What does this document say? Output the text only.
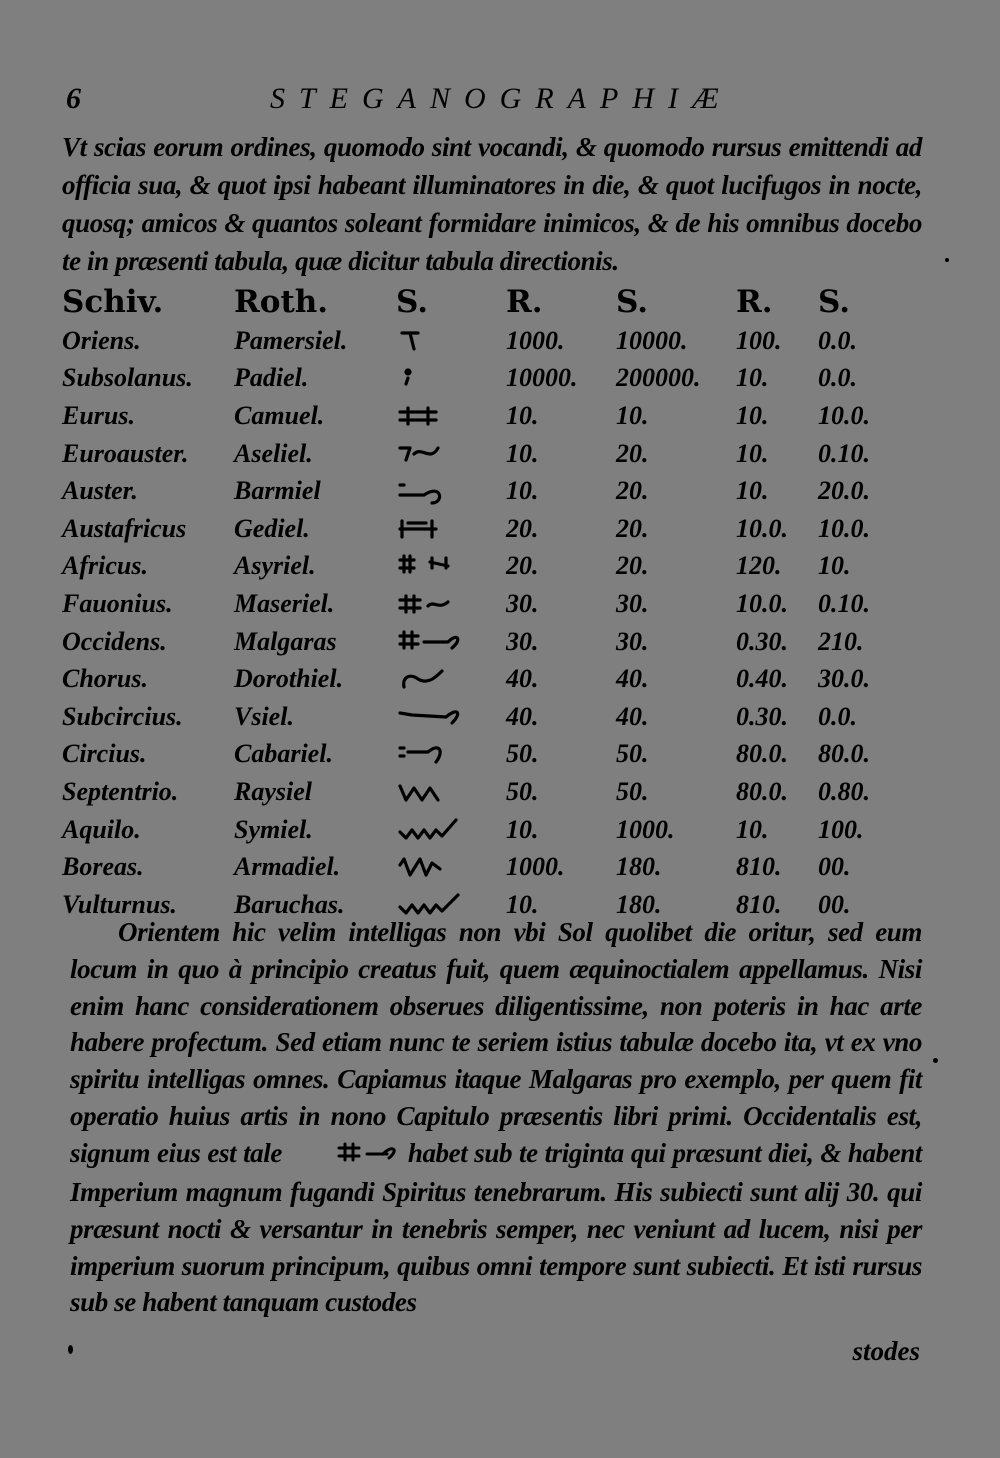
6	STEGANOGRAPHIÆ
Vt scias eorum ordines, quomodo sint vocandi, & quomodo rursus emittendi ad officia sua, & quot ipsi habeant illuminatores in die, & quot lucifugos in nocte, quosq; amicos & quantos soleant formidare inimicos, & de his omnibus docebo te in præsenti tabula, quæ dicitur tabula directionis.
Schiv.	Roth.	S.	R.	S.	R.	S.
Oriens.	Pamersiel.		1000.	10000.	100.	0.0.
Subsolanus.	Padiel.		10000.	200000.	10.	0.0.
Eurus.	Camuel.		10.	10.	10.	10.0.
Euroauster.	Aseliel.		10.	20.	10.	0.10.
Auster.	Barmiel		10.	20.	10.	20.0.
Austafricus	Gediel.		20.	20.	10.0.	10.0.
Africus.	Asyriel.		20.	20.	120.	10.
Fauonius.	Maseriel.		30.	30.	10.0.	0.10.
Occidens.	Malgaras		30.	30.	0.30.	210.
Chorus.	Dorothiel.		40.	40.	0.40.	30.0.
Subcircius.	Vsiel.		40.	40.	0.30.	0.0.
Circius.	Cabariel.		50.	50.	80.0.	80.0.
Septentrio.	Raysiel		50.	50.	80.0.	0.80.
Aquilo.	Symiel.		10.	1000.	10.	100.
Boreas.	Armadiel.		1000.	180.	810.	00.
Vulturnus.	Baruchas.		10.	180.	810.	00.

Orientem hic velim intelligas non vbi Sol quolibet die oritur, sed eum locum in quo à principio creatus fuit, quem æquinoctialem appellamus. Nisi enim hanc considerationem obserues diligentissime, non poteris in hac arte habere profectum. Sed etiam nunc te seriem istius tabulæ docebo ita, vt ex vno spiritu intelligas omnes. Capiamus itaque Malgaras pro exemplo, per quem fit operatio huius artis in nono Capitulo præsentis libri primi. Occidentalis est, signum eius est tale	habet sub te triginta qui præsunt diei, & habent Imperium magnum fugandi Spiritus tenebrarum. His subiecti sunt alij 30. qui præsunt nocti & versantur in tenebris semper, nec veniunt ad lucem, nisi per imperium suorum principum, quibus omni tempore sunt subiecti. Et isti rursus sub se habent tanquam custodes

stodes
